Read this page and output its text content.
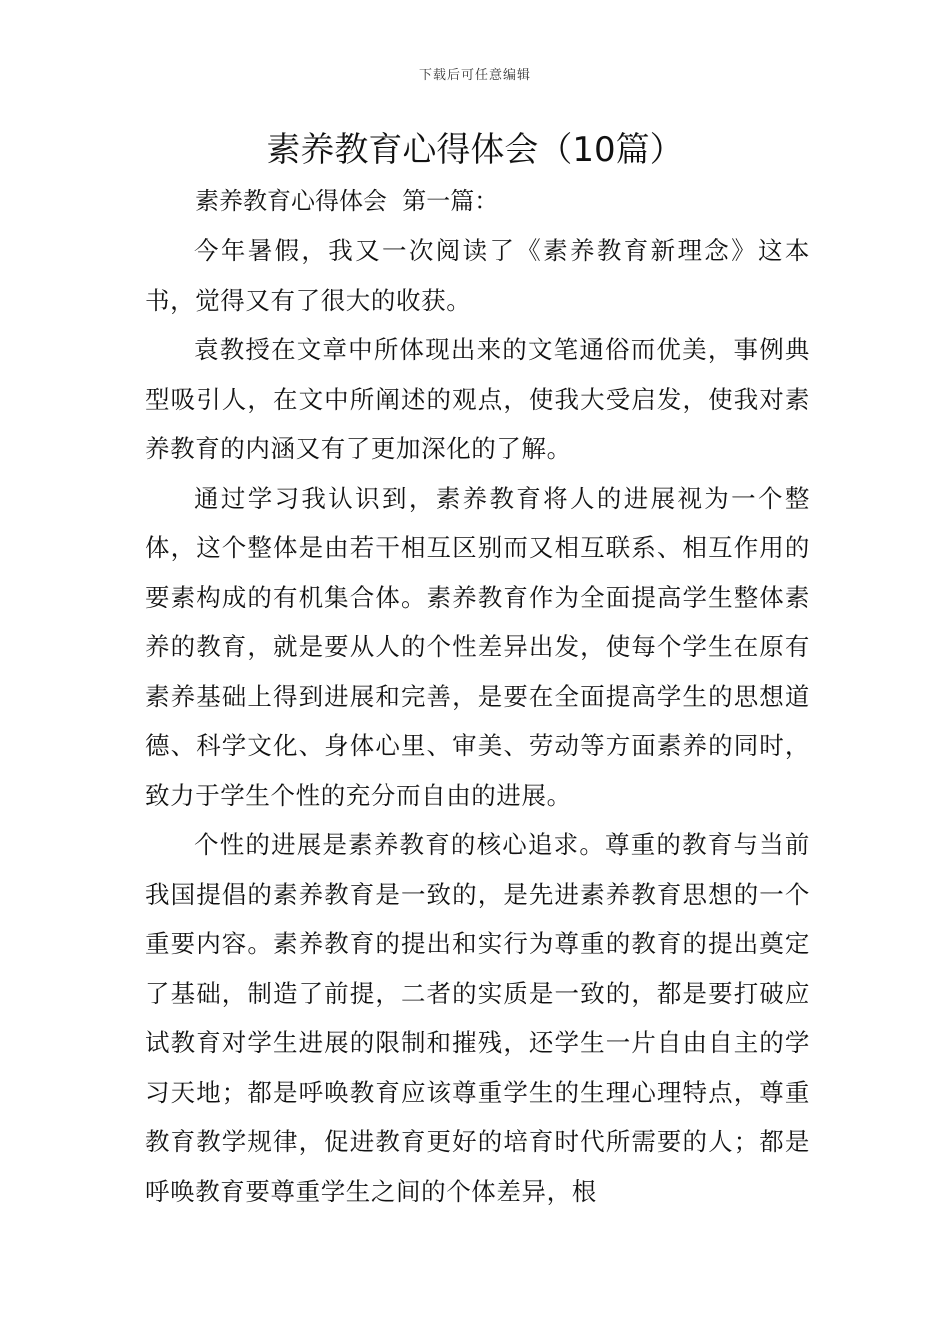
下载后可任意编辑
素养教育心得体会（10篇）
素养教育心得体会  第一篇：

今年暑假，我又一次阅读了《素养教育新理念》这本书，觉得又有了很大的收获。

袁教授在文章中所体现出来的文笔通俗而优美，事例典型吸引人，在文中所阐述的观点，使我大受启发，使我对素养教育的内涵又有了更加深化的了解。

通过学习我认识到，素养教育将人的进展视为一个整体，这个整体是由若干相互区别而又相互联系、相互作用的要素构成的有机集合体。素养教育作为全面提高学生整体素养的教育，就是要从人的个性差异出发，使每个学生在原有素养基础上得到进展和完善，是要在全面提高学生的思想道德、科学文化、身体心里、审美、劳动等方面素养的同时，致力于学生个性的充分而自由的进展。

个性的进展是素养教育的核心追求。尊重的教育与当前我国提倡的素养教育是一致的，是先进素养教育思想的一个重要内容。素养教育的提出和实行为尊重的教育的提出奠定了基础，制造了前提，二者的实质是一致的，都是要打破应试教育对学生进展的限制和摧残，还学生一片自由自主的学习天地；都是呼唤教育应该尊重学生的生理心理特点，尊重教育教学规律，促进教育更好的培育时代所需要的人；都是呼唤教育要尊重学生之间的个体差异，根
